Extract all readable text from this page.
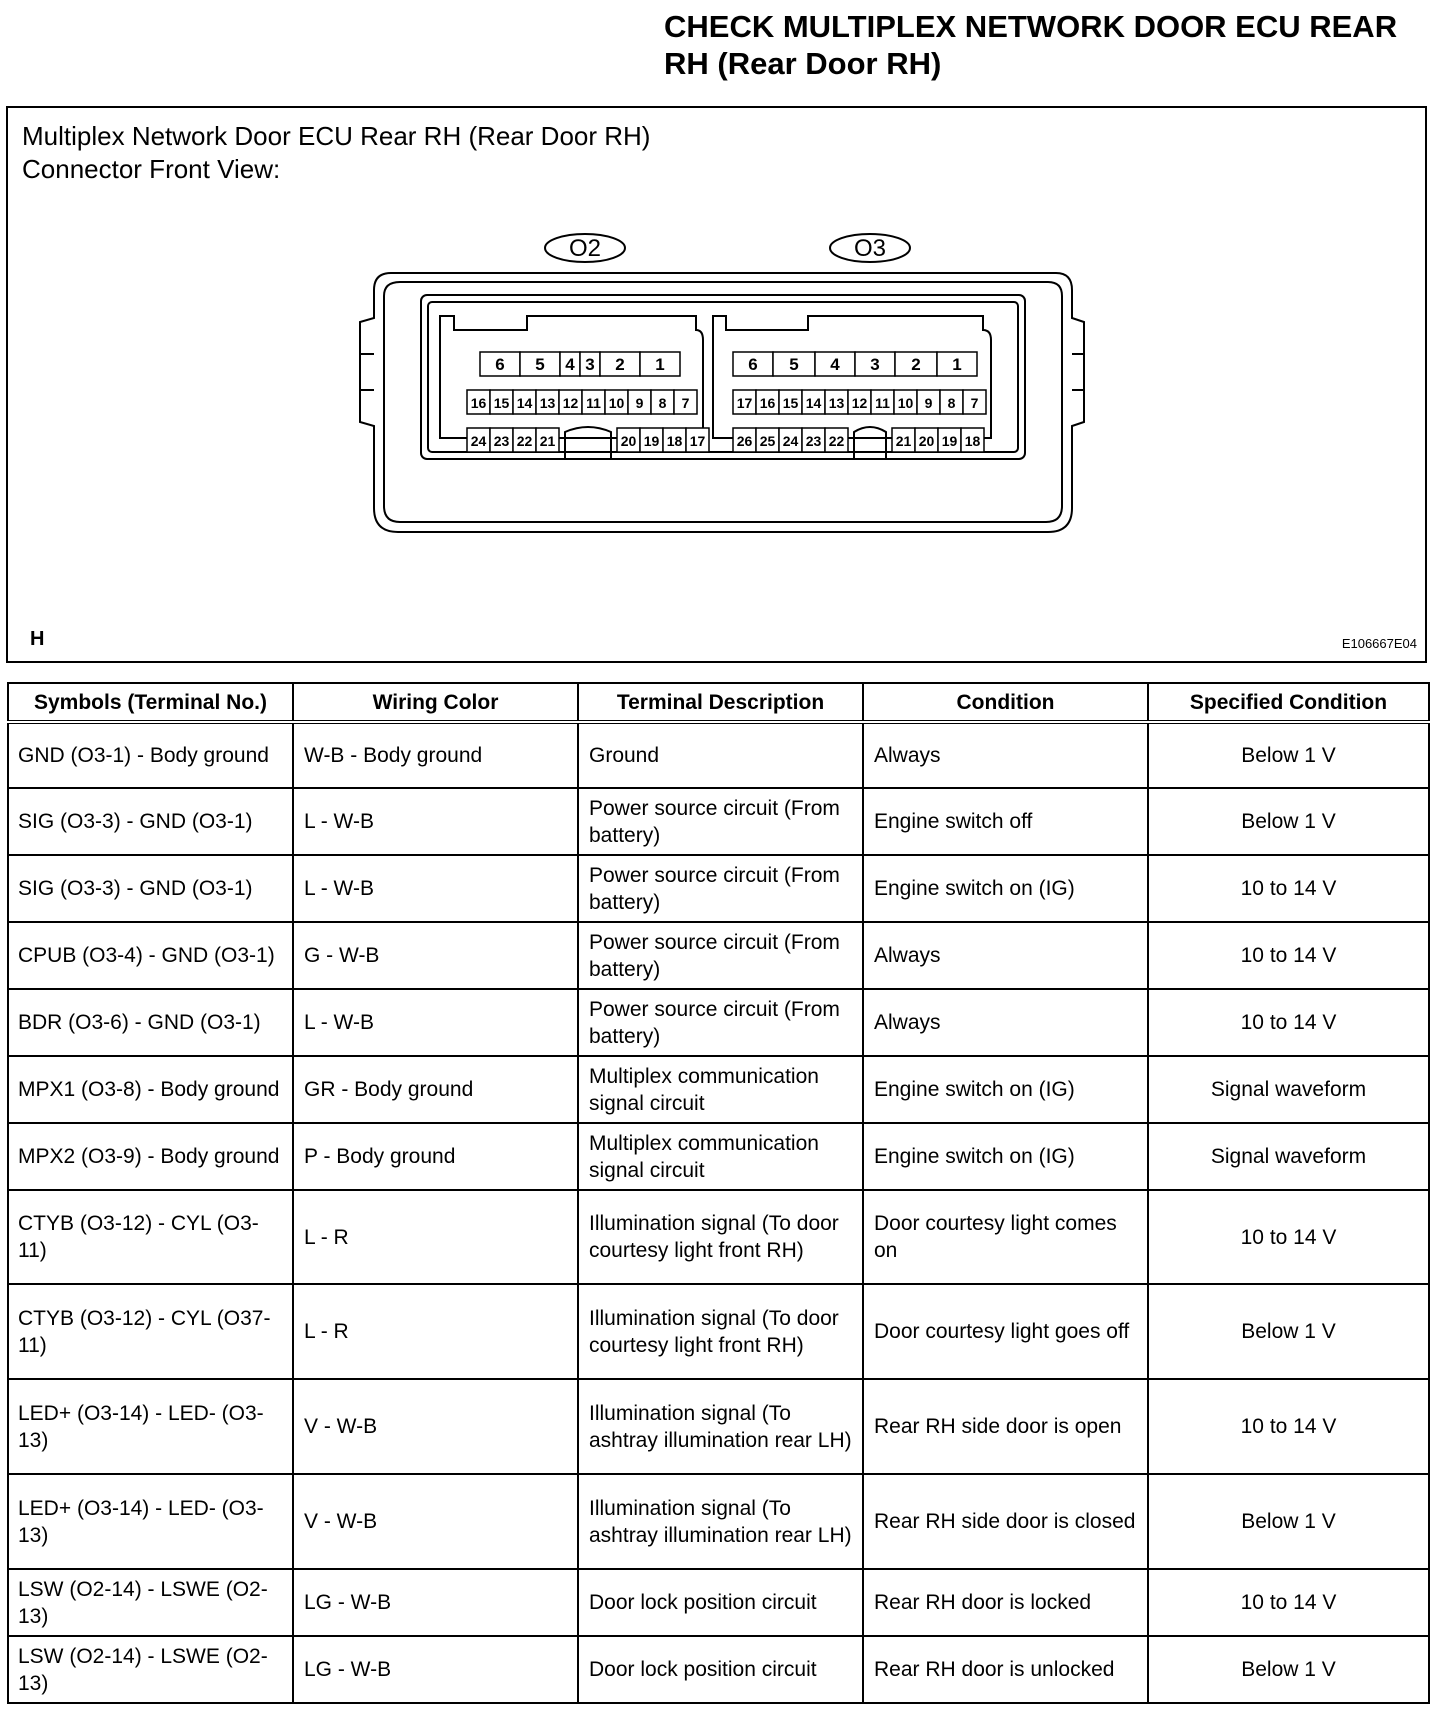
CHECK MULTIPLEX NETWORK DOOR ECU REAR RH (Rear Door RH)
Multiplex Network Door ECU Rear RH (Rear Door RH)
Connector Front View:
O2
6 5 4 3 2 1
16 15 14 13 12 11 10 9 8 7
24 23 22 21	20 19 18 17
O3
6 5 4 3 2 1
17 16 15 14 13 12 11 10 9 8 7
26 25 24 23 22	21 20 19 18
H	E106667E04
Symbols (Terminal No.)	Wiring Color	Terminal Description	Condition	Specified Condition
GND (O3-1) - Body ground	W-B - Body ground	Ground	Always	Below 1 V
SIG (O3-3) - GND (O3-1)	L - W-B	Power source circuit (From battery)	Engine switch off	Below 1 V
SIG (O3-3) - GND (O3-1)	L - W-B	Power source circuit (From battery)	Engine switch on (IG)	10 to 14 V
CPUB (O3-4) - GND (O3-1)	G - W-B	Power source circuit (From battery)	Always	10 to 14 V
BDR (O3-6) - GND (O3-1)	L - W-B	Power source circuit (From battery)	Always	10 to 14 V
MPX1 (O3-8) - Body ground	GR - Body ground	Multiplex communication signal circuit	Engine switch on (IG)	Signal waveform
MPX2 (O3-9) - Body ground	P - Body ground	Multiplex communication signal circuit	Engine switch on (IG)	Signal waveform
CTYB (O3-12) - CYL (O3-11)	L - R	Illumination signal (To door courtesy light front RH)	Door courtesy light comes on	10 to 14 V
CTYB (O3-12) - CYL (O37-11)	L - R	Illumination signal (To door courtesy light front RH)	Door courtesy light goes off	Below 1 V
LED+ (O3-14) - LED- (O3-13)	V - W-B	Illumination signal (To ashtray illumination rear LH)	Rear RH side door is open	10 to 14 V
LED+ (O3-14) - LED- (O3-13)	V - W-B	Illumination signal (To ashtray illumination rear LH)	Rear RH side door is closed	Below 1 V
LSW (O2-14) - LSWE (O2-13)	LG - W-B	Door lock position circuit	Rear RH door is locked	10 to 14 V
LSW (O2-14) - LSWE (O2-13)	LG - W-B	Door lock position circuit	Rear RH door is unlocked	Below 1 V
